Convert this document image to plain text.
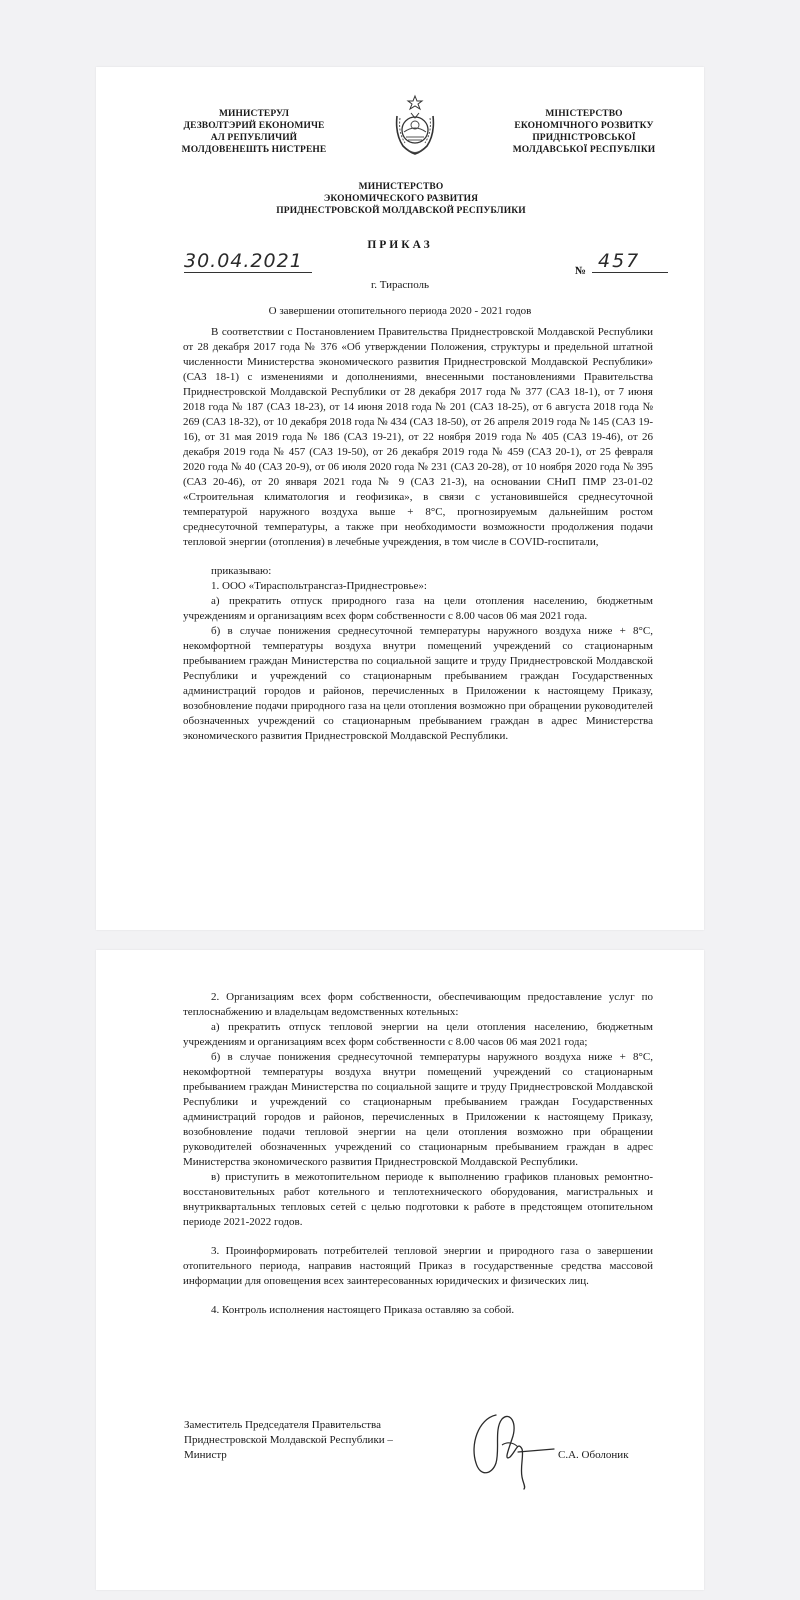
МИНИСТЕРУЛ
ДЕЗВОЛТЭРИЙ ЕКОНОМИЧЕ
АЛ РЕПУБЛИЧИЙ
МОЛДОВЕНЕШТЬ НИСТРЕНЕ
МІНІСТЕРСТВО
ЕКОНОМІЧНОГО РОЗВИТКУ
ПРИДНІСТРОВСЬКОЇ
МОЛДАВСЬКОЇ РЕСПУБЛІКИ
МИНИСТЕРСТВО
ЭКОНОМИЧЕСКОГО РАЗВИТИЯ
ПРИДНЕСТРОВСКОЙ МОЛДАВСКОЙ РЕСПУБЛИКИ
ПРИКАЗ
30.04.2021
г. Тирасполь
№ 457
О завершении отопительного периода 2020 - 2021 годов

В соответствии с Постановлением Правительства Приднестровской Молдавской Республики от 28 декабря 2017 года № 376 «Об утверждении Положения, структуры и предельной штатной численности Министерства экономического развития Приднестровской Молдавской Республики» (САЗ 18-1) с изменениями и дополнениями, внесенными постановлениями Правительства Приднестровской Молдавской Республики от 28 декабря 2017 года № 377 (САЗ 18-1), от 7 июня 2018 года № 187 (САЗ 18-23), от 14 июня 2018 года № 201 (САЗ 18-25), от 6 августа 2018 года № 269 (САЗ 18-32), от 10 декабря 2018 года № 434 (САЗ 18-50), от 26 апреля 2019 года № 145 (САЗ 19-16), от 31 мая 2019 года № 186 (САЗ 19-21), от 22 ноября 2019 года № 405 (САЗ 19-46), от 26 декабря 2019 года № 457 (САЗ 19-50), от 26 декабря 2019 года № 459 (САЗ 20-1), от 25 февраля 2020 года № 40 (САЗ 20-9), от 06 июля 2020 года № 231 (САЗ 20-28), от 10 ноября 2020 года № 395 (САЗ 20-46), от 20 января 2021 года № 9 (САЗ 21-3), на основании СНиП ПМР 23-01-02 «Строительная климатология и геофизика», в связи с установившейся среднесуточной температурой наружного воздуха выше + 8°С, прогнозируемым дальнейшим ростом среднесуточной температуры, а также при необходимости возможности продолжения подачи тепловой энергии (отопления) в лечебные учреждения, в том числе в COVID-госпитали,

приказываю:

1. ООО «Тираспольтрансгаз-Приднестровье»:

а) прекратить отпуск природного газа на цели отопления населению, бюджетным учреждениям и организациям всех форм собственности с 8.00 часов 06 мая 2021 года.

б) в случае понижения среднесуточной температуры наружного воздуха ниже + 8°С, некомфортной температуры воздуха внутри помещений учреждений со стационарным пребыванием граждан Министерства по социальной защите и труду Приднестровской Молдавской Республики и учреждений со стационарным пребыванием граждан Государственных администраций городов и районов, перечисленных в Приложении к настоящему Приказу, возобновление подачи природного газа на цели отопления возможно при обращении руководителей обозначенных учреждений со стационарным пребыванием граждан в адрес Министерства экономического развития Приднестровской Молдавской Республики.

2. Организациям всех форм собственности, обеспечивающим предоставление услуг по теплоснабжению и владельцам ведомственных котельных:

а) прекратить отпуск тепловой энергии на цели отопления населению, бюджетным учреждениям и организациям всех форм собственности с 8.00 часов 06 мая 2021 года;

б) в случае понижения среднесуточной температуры наружного воздуха ниже + 8°С, некомфортной температуры воздуха внутри помещений учреждений со стационарным пребыванием граждан Министерства по социальной защите и труду Приднестровской Молдавской Республики и учреждений со стационарным пребыванием граждан Государственных администраций городов и районов, перечисленных в Приложении к настоящему Приказу, возобновление подачи тепловой энергии на цели отопления возможно при обращении руководителей обозначенных учреждений со стационарным пребыванием граждан в адрес Министерства экономического развития Приднестровской Молдавской Республики.

в) приступить в межотопительном периоде к выполнению графиков плановых ремонтно-восстановительных работ котельного и теплотехнического оборудования, магистральных и внутриквартальных тепловых сетей с целью подготовки к работе в предстоящем отопительном периоде 2021-2022 годов.

3. Проинформировать потребителей тепловой энергии и природного газа о завершении отопительного периода, направив настоящий Приказ в государственные средства массовой информации для оповещения всех заинтересованных юридических и физических лиц.

4. Контроль исполнения настоящего Приказа оставляю за собой.

Заместитель Председателя Правительства
Приднестровской Молдавской Республики –
Министр	С.А. Оболоник
